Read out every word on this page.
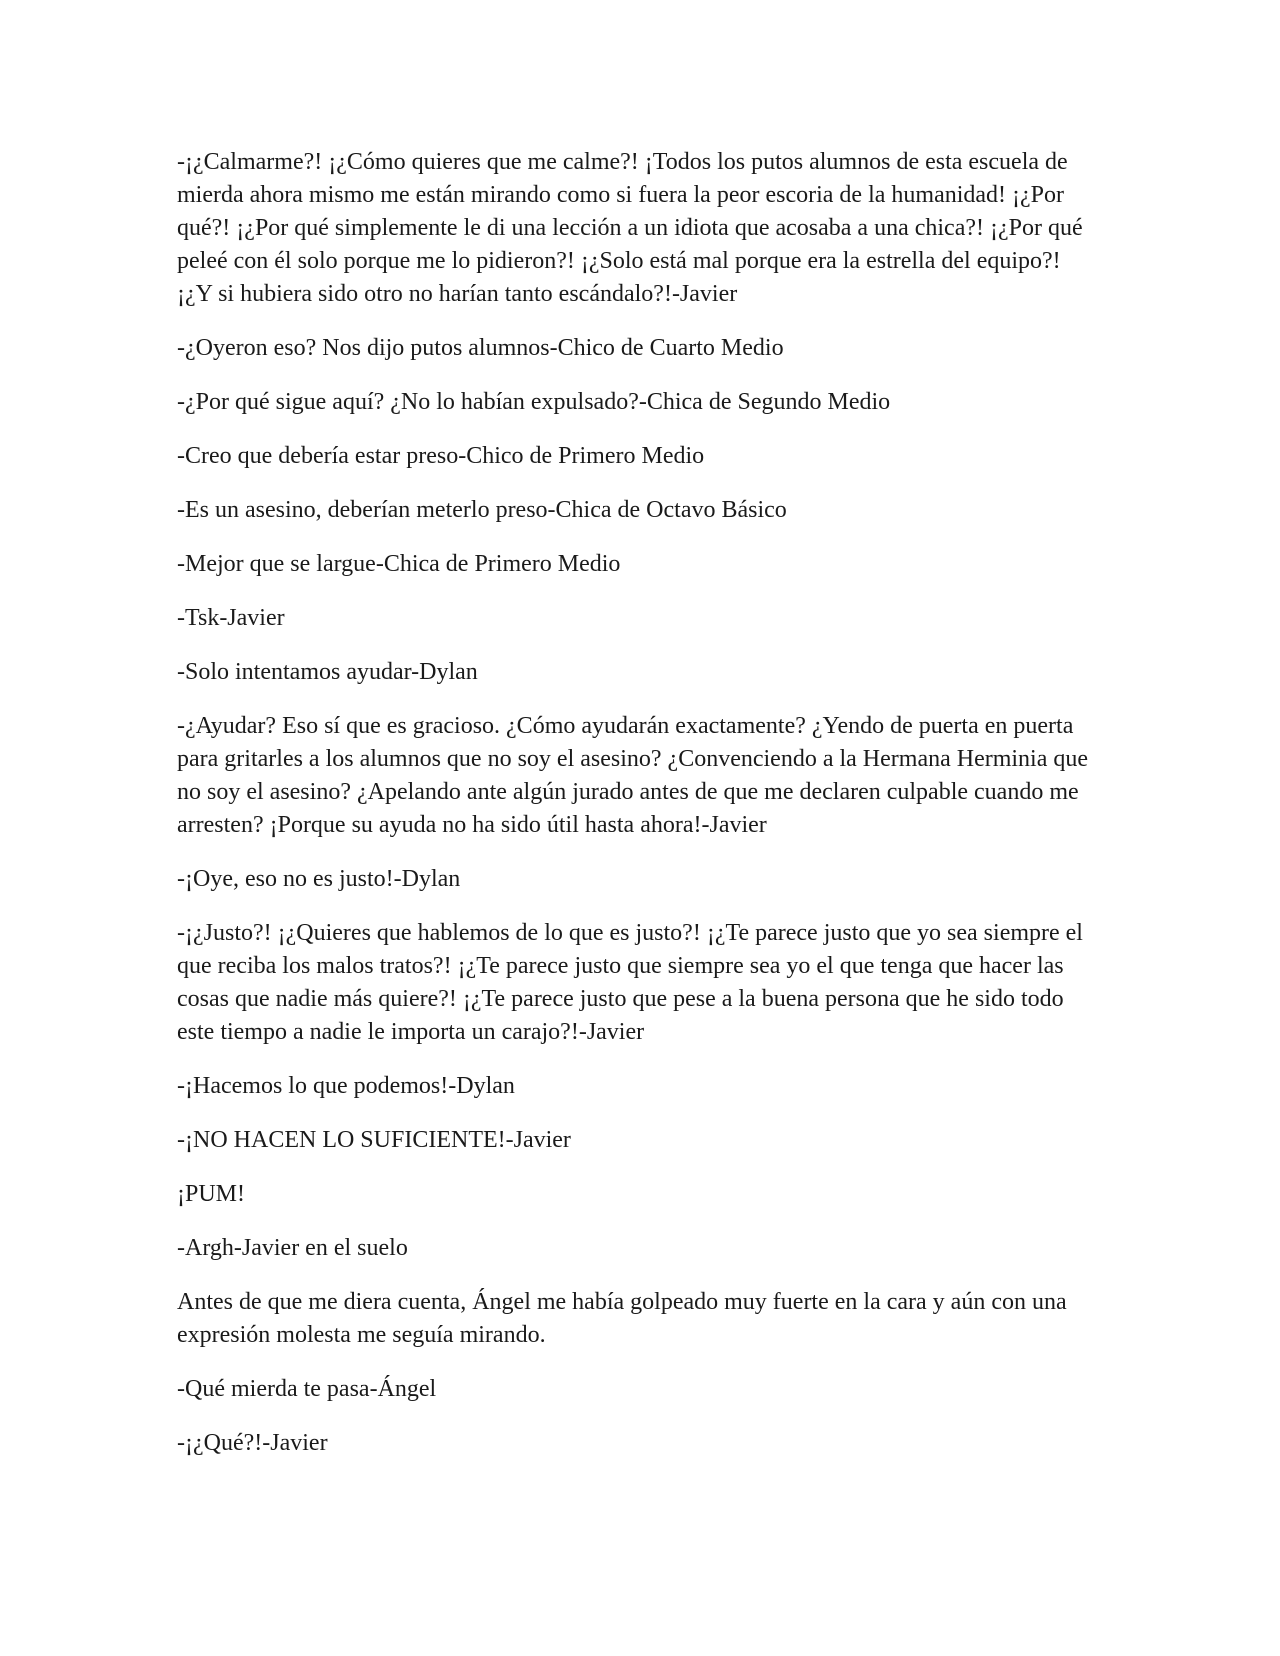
-¡¿Calmarme?! ¡¿Cómo quieres que me calme?! ¡Todos los putos alumnos de esta escuela de mierda ahora mismo me están mirando como si fuera la peor escoria de la humanidad! ¡¿Por qué?! ¡¿Por qué simplemente le di una lección a un idiota que acosaba a una chica?! ¡¿Por qué peleé con él solo porque me lo pidieron?! ¡¿Solo está mal porque era la estrella del equipo?! ¡¿Y si hubiera sido otro no harían tanto escándalo?!-Javier

-¿Oyeron eso? Nos dijo putos alumnos-Chico de Cuarto Medio

-¿Por qué sigue aquí? ¿No lo habían expulsado?-Chica de Segundo Medio

-Creo que debería estar preso-Chico de Primero Medio

-Es un asesino, deberían meterlo preso-Chica de Octavo Básico

-Mejor que se largue-Chica de Primero Medio

-Tsk-Javier

-Solo intentamos ayudar-Dylan

-¿Ayudar? Eso sí que es gracioso. ¿Cómo ayudarán exactamente? ¿Yendo de puerta en puerta para gritarles a los alumnos que no soy el asesino? ¿Convenciendo a la Hermana Herminia que no soy el asesino? ¿Apelando ante algún jurado antes de que me declaren culpable cuando me arresten? ¡Porque su ayuda no ha sido útil hasta ahora!-Javier

-¡Oye, eso no es justo!-Dylan

-¡¿Justo?! ¡¿Quieres que hablemos de lo que es justo?! ¡¿Te parece justo que yo sea siempre el que reciba los malos tratos?! ¡¿Te parece justo que siempre sea yo el que tenga que hacer las cosas que nadie más quiere?! ¡¿Te parece justo que pese a la buena persona que he sido todo este tiempo a nadie le importa un carajo?!-Javier

-¡Hacemos lo que podemos!-Dylan

-¡NO HACEN LO SUFICIENTE!-Javier

¡PUM!

-Argh-Javier en el suelo

Antes de que me diera cuenta, Ángel me había golpeado muy fuerte en la cara y aún con una expresión molesta me seguía mirando.

-Qué mierda te pasa-Ángel

-¡¿Qué?!-Javier
